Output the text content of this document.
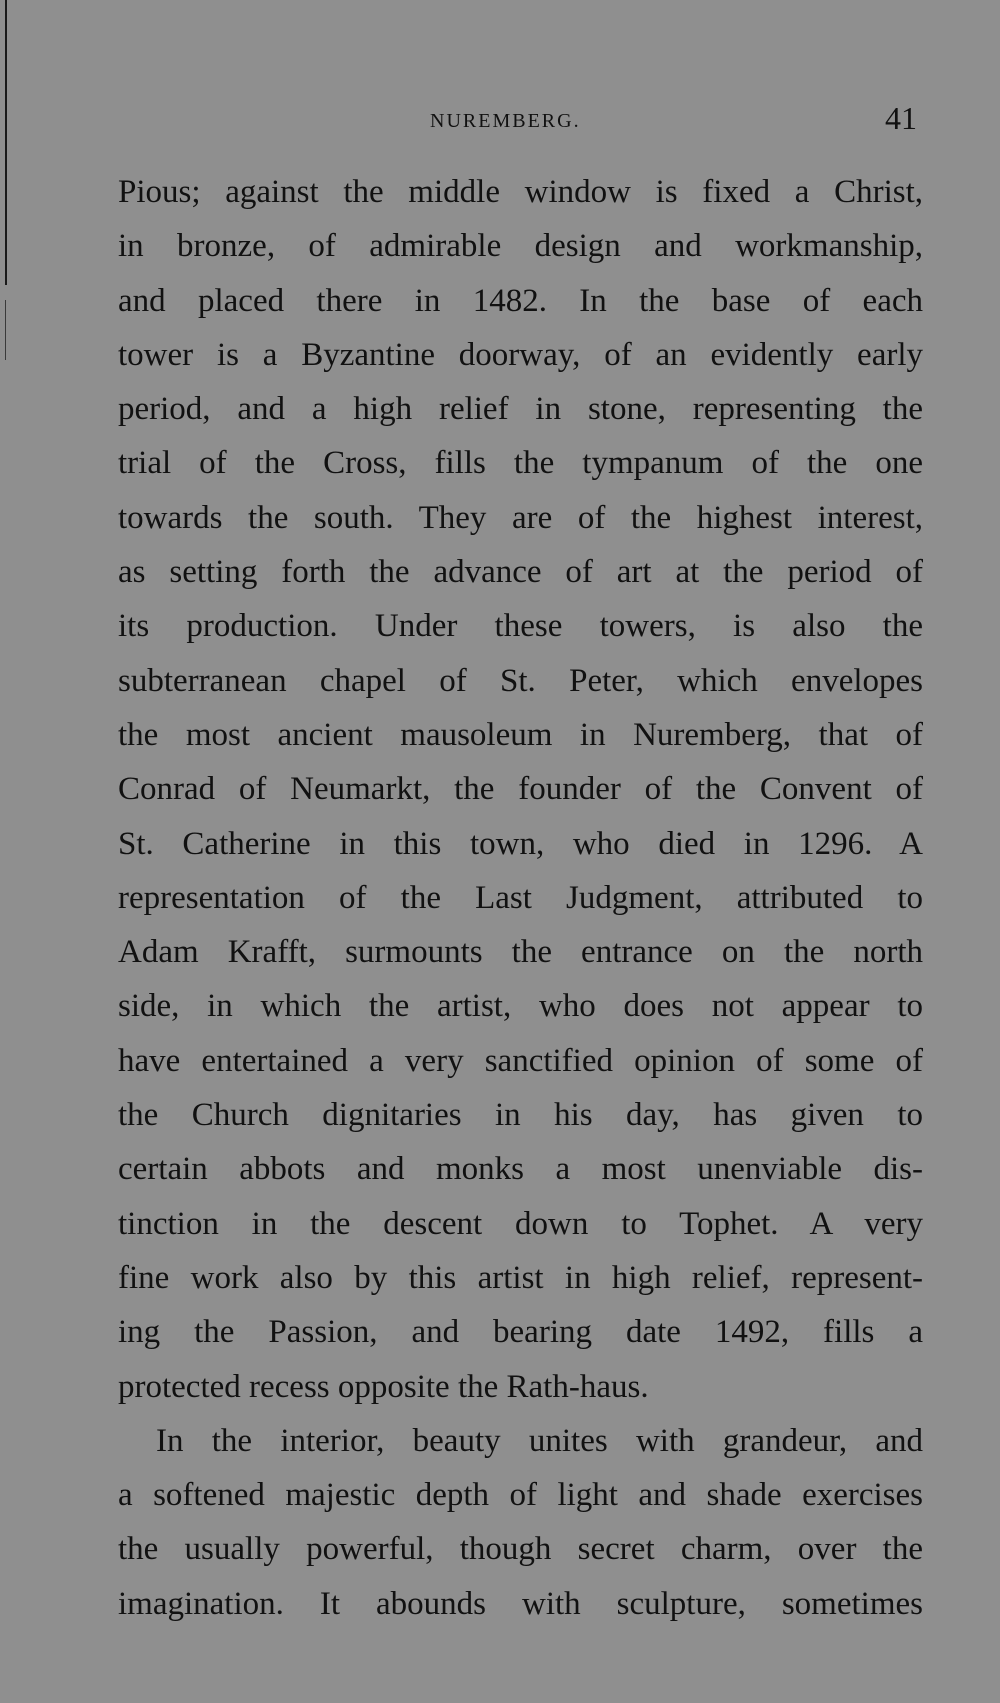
NUREMBERG.	41
Pious; against the middle window is fixed a Christ,
in bronze, of admirable design and workmanship,
and placed there in 1482. In the base of each
tower is a Byzantine doorway, of an evidently early
period, and a high relief in stone, representing the
trial of the Cross, fills the tympanum of the one
towards the south. They are of the highest interest,
as setting forth the advance of art at the period of
its production. Under these towers, is also the
subterranean chapel of St. Peter, which envelopes
the most ancient mausoleum in Nuremberg, that of
Conrad of Neumarkt, the founder of the Convent of
St. Catherine in this town, who died in 1296. A
representation of the Last Judgment, attributed to
Adam Krafft, surmounts the entrance on the north
side, in which the artist, who does not appear to
have entertained a very sanctified opinion of some of
the Church dignitaries in his day, has given to
certain abbots and monks a most unenviable dis-
tinction in the descent down to Tophet. A very
fine work also by this artist in high relief, represent-
ing the Passion, and bearing date 1492, fills a
protected recess opposite the Rath-haus.
In the interior, beauty unites with grandeur, and
a softened majestic depth of light and shade exercises
the usually powerful, though secret charm, over the
imagination. It abounds with sculpture, sometimes
